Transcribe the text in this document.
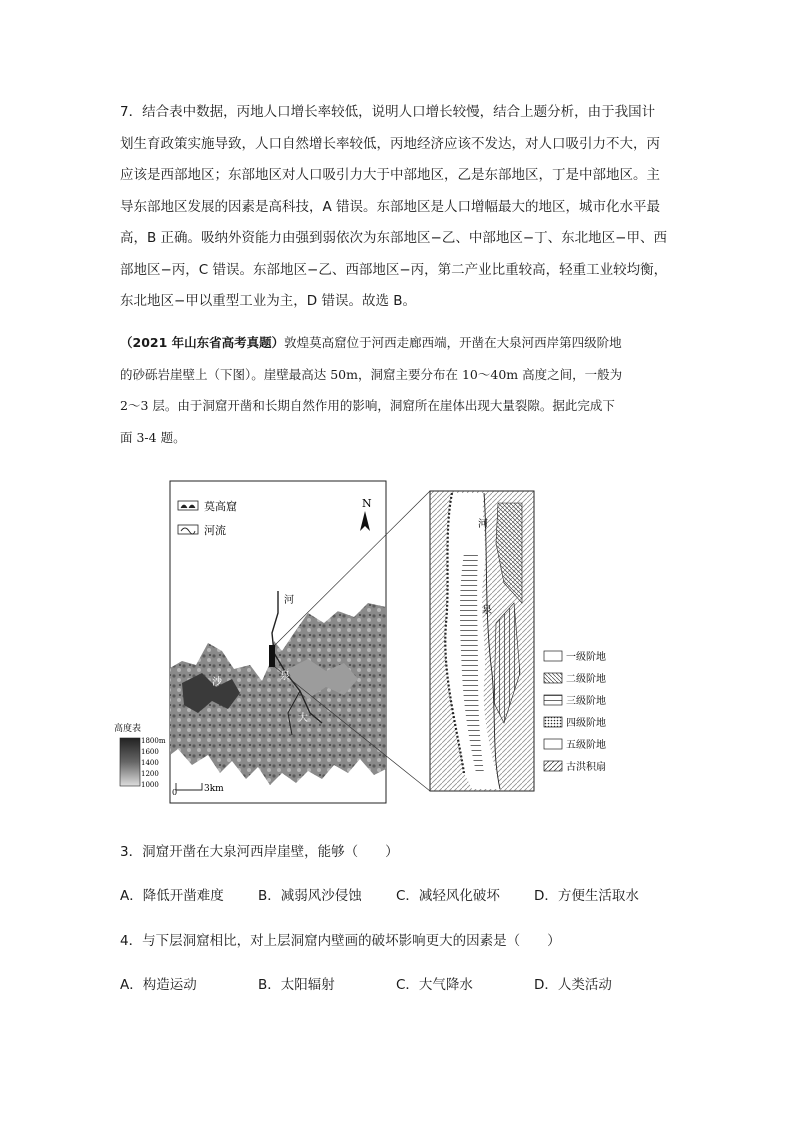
7．结合表中数据，丙地人口增长率较低，说明人口增长较慢，结合上题分析，由于我国计

划生育政策实施导致，人口自然增长率较低，丙地经济应该不发达，对人口吸引力不大，丙

应该是西部地区；东部地区对人口吸引力大于中部地区，乙是东部地区，丁是中部地区。主

导东部地区发展的因素是高科技，A 错误。东部地区是人口增幅最大的地区，城市化水平最

高，B 正确。吸纳外资能力由强到弱依次为东部地区−乙、中部地区−丁、东北地区−甲、西

部地区−丙，C 错误。东部地区−乙、西部地区−丙，第二产业比重较高，轻重工业较均衡，

东北地区−甲以重型工业为主，D 错误。故选 B。

（2021 年山东省高考真题）敦煌莫高窟位于河西走廊西端，开凿在大泉河西岸第四级阶地

的砂砾岩崖壁上（下图）。崖壁最高达 50m，洞窟主要分布在 10～40m 高度之间，一般为

2～3 层。由于洞窟开凿和长期自然作用的影响，洞窟所在崖体出现大量裂隙。据此完成下

面 3-4 题。

莫高窟
河流
N
河
泉
大
沙
高度表
1800m
1600
1400
1200
1000
0	3km
河
泉
一级阶地
二级阶地
三级阶地
四级阶地
五级阶地
古洪积扇

3．洞窟开凿在大泉河西岸崖壁，能够（　　）

A．降低开凿难度	B．减弱风沙侵蚀	C．减轻风化破坏	D．方便生活取水

4．与下层洞窟相比，对上层洞窟内壁画的破坏影响更大的因素是（　　）

A．构造运动	B．太阳辐射	C．大气降水	D．人类活动
